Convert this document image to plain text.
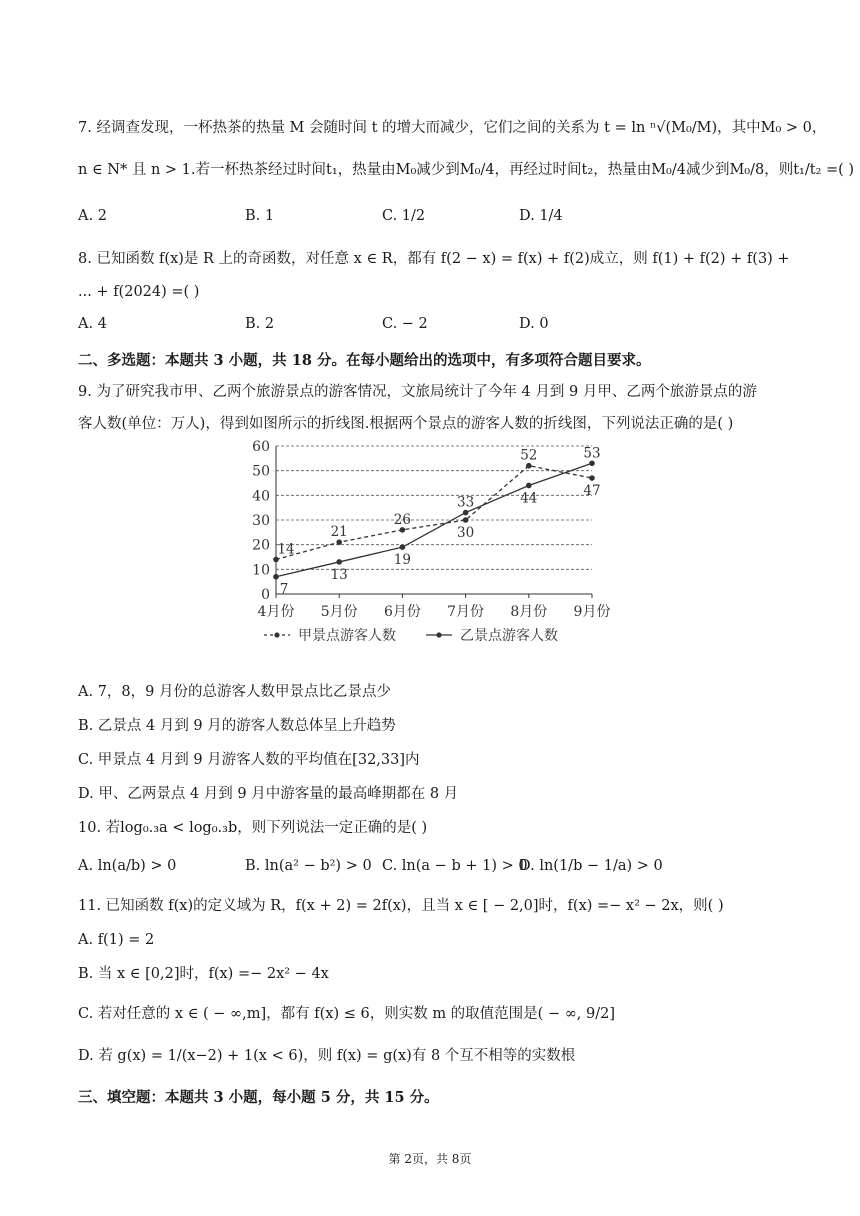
7. 经调查发现，一杯热茶的热量 M 会随时间 t 的增大而减少，它们之间的关系为 t = ln ⁿ√(M₀/M)，其中M₀ > 0，
n ∈ N* 且 n > 1.若一杯热茶经过时间t₁，热量由M₀减少到M₀/4，再经过时间t₂，热量由M₀/4减少到M₀/8，则t₁/t₂ =( )
A. 2	B. 1	C. 1/2	D. 1/4
8. 已知函数 f(x)是 R 上的奇函数，对任意 x ∈ R，都有 f(2 − x) = f(x) + f(2)成立，则 f(1) + f(2) + f(3) +
... + f(2024) =( )
A. 4	B. 2	C. − 2	D. 0
二、多选题：本题共 3 小题，共 18 分。在每小题给出的选项中，有多项符合题目要求。
9. 为了研究我市甲、乙两个旅游景点的游客情况，文旅局统计了今年 4 月到 9 月甲、乙两个旅游景点的游
客人数(单位：万人)，得到如图所示的折线图.根据两个景点的游客人数的折线图，下列说法正确的是( )
0
10
20
30
40
50
60
4月份 5月份 6月份 7月份 8月份 9月份
14
7
21
13
26
19
30
33
52
44	47
53
甲景点游客人数	乙景点游客人数
A. 7，8，9 月份的总游客人数甲景点比乙景点少
B. 乙景点 4 月到 9 月的游客人数总体呈上升趋势
C. 甲景点 4 月到 9 月游客人数的平均值在[32,33]内
D. 甲、乙两景点 4 月到 9 月中游客量的最高峰期都在 8 月
10. 若log₀.₃a < log₀.₃b，则下列说法一定正确的是( )
A. ln(a/b) > 0	B. ln(a² − b²) > 0 C. ln(a − b + 1) > 0
D. ln(1/b − 1/a) > 0
11. 已知函数 f(x)的定义域为 R，f(x + 2) = 2f(x)，且当 x ∈ [ − 2,0]时，f(x) =− x² − 2x，则( )
A. f(1) = 2
B. 当 x ∈ [0,2]时，f(x) =− 2x² − 4x
C. 若对任意的 x ∈ ( − ∞,m]，都有 f(x) ≤ 6，则实数 m 的取值范围是( − ∞, 9/2]
D. 若 g(x) = 1/(x−2) + 1(x < 6)，则 f(x) = g(x)有 8 个互不相等的实数根
三、填空题：本题共 3 小题，每小题 5 分，共 15 分。
第 2页，共 8页
